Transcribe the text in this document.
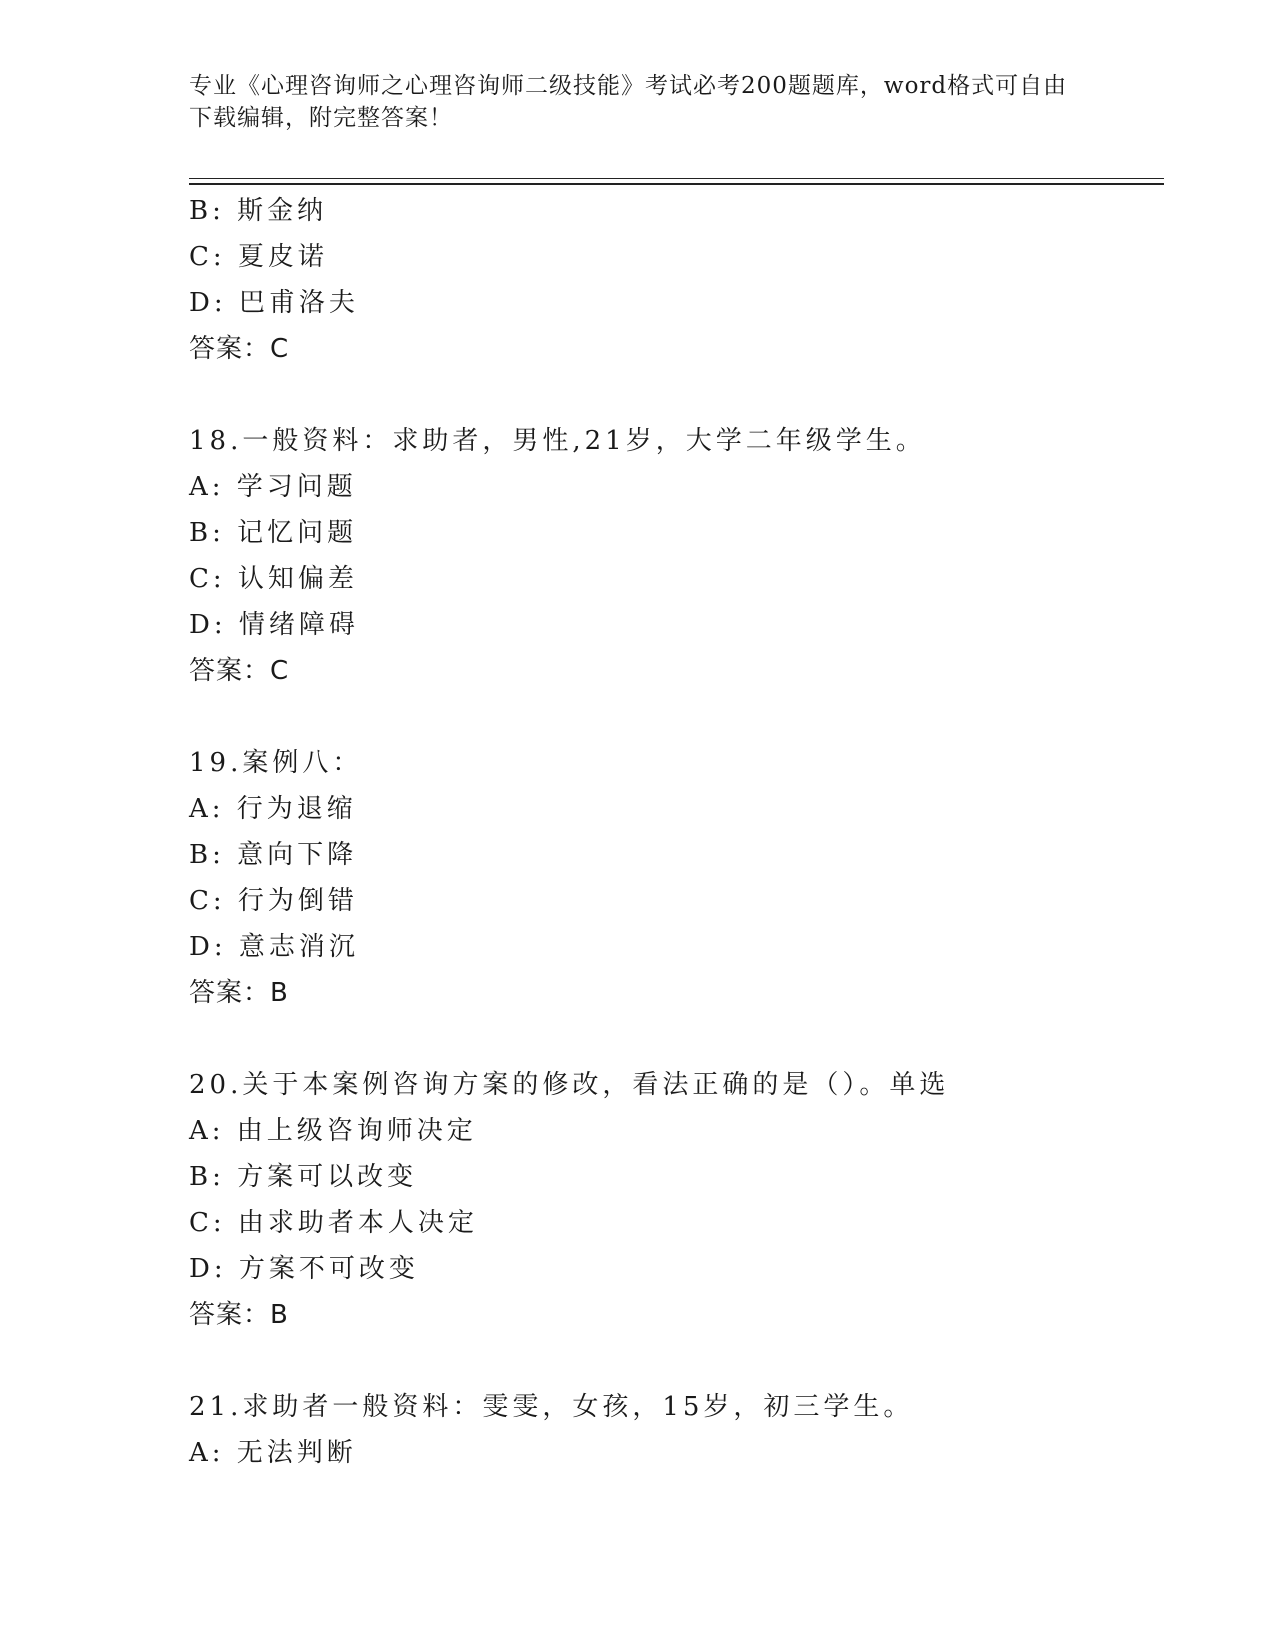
专业《心理咨询师之心理咨询师二级技能》考试必考200题题库，word格式可自由下载编辑，附完整答案！
B: 斯金纳
C: 夏皮诺
D: 巴甫洛夫
答案：C
18.一般资料：求助者，男性,21岁，大学二年级学生。
A: 学习问题
B: 记忆问题
C: 认知偏差
D: 情绪障碍
答案：C
19.案例八：
A: 行为退缩
B: 意向下降
C: 行为倒错
D: 意志消沉
答案：B
20.关于本案例咨询方案的修改，看法正确的是（）。单选
A: 由上级咨询师决定
B: 方案可以改变
C: 由求助者本人决定
D: 方案不可改变
答案：B
21.求助者一般资料：雯雯，女孩，15岁，初三学生。
A: 无法判断
